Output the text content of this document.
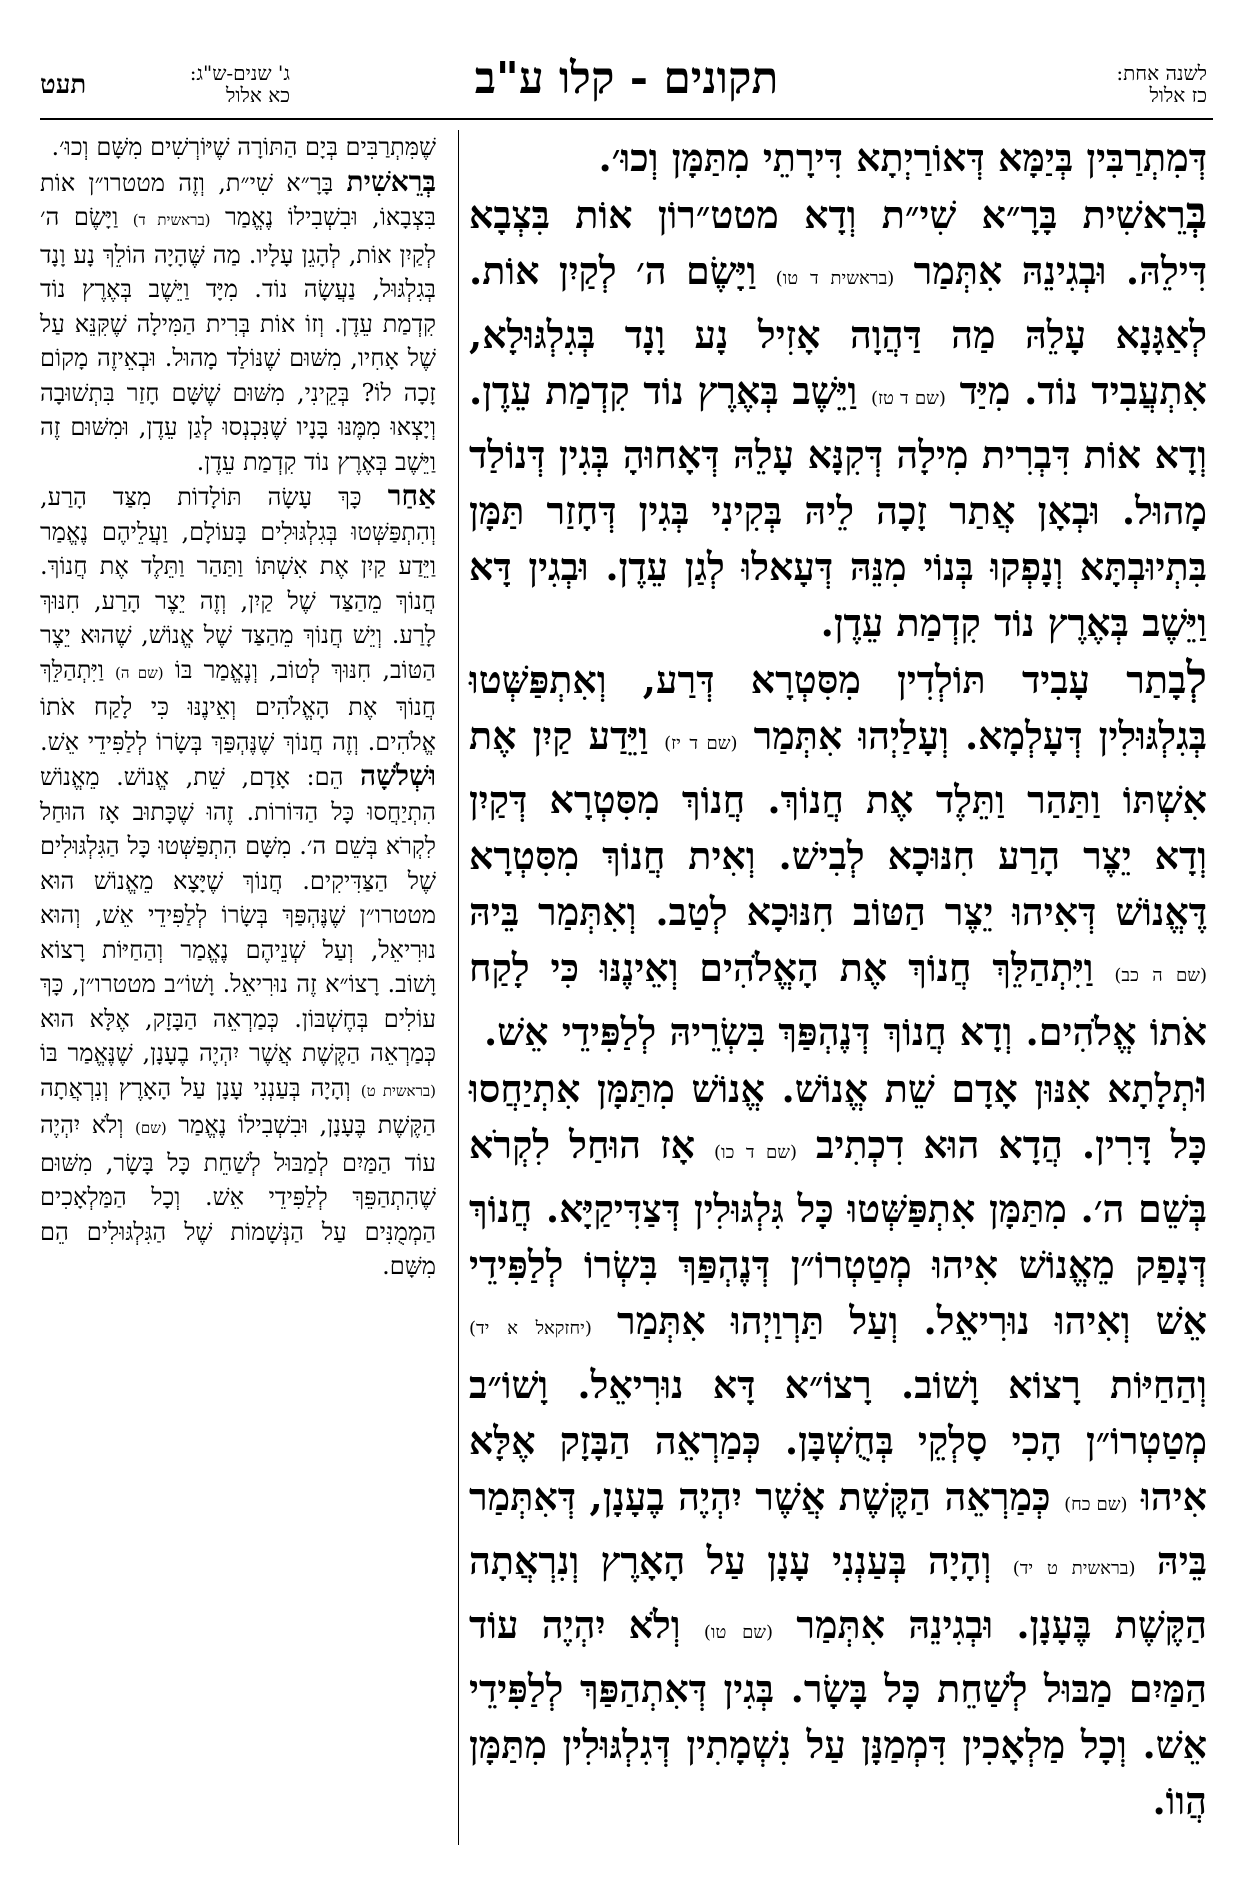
לשנה אחת:
כז אלול
תקונים - קלו ע"ב
תעט	ג' שנים-ש"ג:
כא אלול

דְּמִתְרַבִּין בְּיַמָּא דְּאוֹרַיְתָא דִּירָתֵי מִתַּמָּן וְכוּ׳.

בְּרֵאשִׁית בָּרָ״א שִׁי״ת וְדָא מטט״רוֹן אוֹת בִּצְבָא דִּילֵהּ. וּבְגִינֵהּ אִתְּמַר (בראשית ד טו) וַיָּשֶׂם ה׳ לְקַיִן אוֹת. לְאַגָּנָא עָלֵהּ מַה דַּהֲוָה אָזִיל נָע וָנָד בְּגִלְגּוּלָא, אִתְעֲבִיד נוֹד. מִיַּד (שם ד טז) וַיֵּשֶׁב בְּאֶרֶץ נוֹד קִדְמַת עֵדֶן. וְדָא אוֹת דִּבְרִית מִילָה דְּקִנָּא עָלֵהּ דְּאָחוּהָ בְּגִין דְּנוֹלַד מָהוּל. וּבְאָן אֲתַר זָכָה לֵיהּ בְּקִינִי בְּגִין דְּחָזַר תַּמָּן בִּתְיוּבְתָּא וְנָפְקוּ בְּנוֹי מִנֵּהּ דְּעָאלוּ לְגַן עֵדֶן. וּבְגִין דָּא וַיֵּשֶׁב בְּאֶרֶץ נוֹד קִדְמַת עֵדֶן.

לְבָתַר עָבִיד תּוֹלְדִין מִסִּטְרָא דְּרַע, וְאִתְפַּשְּׁטוּ בְּגִלְגּוּלִין דְּעָלְמָא. וְעָלַיְהוּ אִתְּמַר (שם ד יז) וַיֵּדַע קַיִן אֶת אִשְׁתּוֹ וַתַּהַר וַתֵּלֶד אֶת חֲנוֹךְ. חֲנוֹךְ מִסִּטְרָא דְּקַיִן וְדָא יֵצֶר הָרַע חִנּוּכָא לְבִישׁ. וְאִית חֲנוֹךְ מִסִּטְרָא דֶּאֱנוֹשׁ דְּאִיהוּ יֵצֶר הַטּוֹב חִנּוּכָא לְטַב. וְאִתְּמַר בֵּיהּ (שם ה כב) וַיִּתְהַלֵּךְ חֲנוֹךְ אֶת הָאֱלֹהִים וְאֵינֶנּוּ כִּי לָקַח אֹתוֹ אֱלֹהִים. וְדָא חֲנוֹךְ דְּנֶהְפַּךְ בִּשְׂרֵיהּ לְלַפִּידֵי אֵשׁ.

וּתְלָתָא אִנּוּן אָדָם שֵׁת אֱנוֹשׁ. אֱנוֹשׁ מִתַּמָּן אִתְיַחֲסוּ כָּל דָּרִין. הֲדָא הוּא דִכְתִיב (שם ד כו) אָז הוּחַל לִקְרֹא בְּשֵׁם ה׳. מִתַּמָּן אִתְפַּשְּׁטוּ כָּל גִּלְגּוּלִין דְּצַדִּיקַיָּא. חֲנוֹךְ דְּנָפַק מֵאֱנוֹשׁ אִיהוּ מְטַטְרוֹ״ן דְּנֶהְפַּךְ בִּשְׂרוֹ לְלַפִּידֵי אֵשׁ וְאִיהוּ נוּרִיאֵל. וְעַל תַּרְוַיְהוּ אִתְּמַר (יחזקאל א יד) וְהַחַיּוֹת רָצוֹא וָשׁוֹב. רָצוֹ״א דָּא נוּרִיאֵל. וָשׁוֹ״ב מְטַטְרוֹ״ן הָכִי סָלְקֵי בְּחֻשְׁבָּן. כְּמַרְאֵה הַבָּזָק אֶלָּא אִיהוּ (שם כח) כְּמַרְאֵה הַקֶּשֶׁת אֲשֶׁר יִהְיֶה בֶעָנָן, דְּאִתְּמַר בֵּיהּ (בראשית ט יד) וְהָיָה בְּעַנְנִי עָנָן עַל הָאָרֶץ וְנִרְאֲתָה הַקֶּשֶׁת בֶּעָנָן. וּבְגִינֵהּ אִתְּמַר (שם טו) וְלֹא יִהְיֶה עוֹד הַמַּיִם מַבּוּל לְשַׁחֵת כָּל בָּשָׂר. בְּגִין דְּאִתְהַפַּךְ לְלַפִּידֵי אֵשׁ. וְכָל מַלְאָכִין דִּמְמַנָּן עַל נִשְׁמָתִין דְּגִלְגּוּלִין מִתַּמָּן הֲווֹ.

שֶׁמִּתְרַבִּים בְּיָם הַתּוֹרָה שֶׁיּוֹרְשִׁים מִשָּׁם וְכוּ׳.

בְּרֵאשִׁית בָּרָ״א שִׁי״ת, וְזֶה מטטרו״ן אוֹת בִּצְבָאוֹ, וּבִשְׁבִילוֹ נֶאֱמַר (בראשית ד) וַיָּשֶׂם ה׳ לְקַיִן אוֹת, לְהָגֵן עָלָיו. מַה שֶּׁהָיָה הוֹלֵךְ נָע וָנָד בְּגִלְגּוּל, נַעֲשָׂה נוֹד. מִיָּד וַיֵּשֶׁב בְּאֶרֶץ נוֹד קִדְמַת עֵדֶן. וְזוֹ אוֹת בְּרִית הַמִּילָה שֶׁקִּנֵּא עַל שֶׁל אָחִיו, מִשּׁוּם שֶׁנּוֹלַד מָהוּל. וּבְאֵיזֶה מָקוֹם זָכָה לוֹ? בְּקֵינִי, מִשּׁוּם שֶׁשָּׁם חָזַר בִּתְשׁוּבָה וְיָצְאוּ מִמֶּנּוּ בָּנָיו שֶׁנִּכְנְסוּ לְגַן עֵדֶן, וּמִשּׁוּם זֶה וַיֵּשֶׁב בְּאֶרֶץ נוֹד קִדְמַת עֵדֶן.

אַחַר כָּךְ עָשָׂה תּוֹלָדוֹת מִצַּד הָרַע, וְהִתְפַּשְּׁטוּ בְּגִלְגּוּלִים בָּעוֹלָם, וַעֲלֵיהֶם נֶאֱמַר וַיֵּדַע קַיִן אֶת אִשְׁתּוֹ וַתַּהַר וַתֵּלֶד אֶת חֲנוֹךְ. חֲנוֹךְ מֵהַצַּד שֶׁל קַיִן, וְזֶה יֵצֶר הָרַע, חִנּוּךְ לָרַע. וְיֵשׁ חֲנוֹךְ מֵהַצַּד שֶׁל אֱנוֹשׁ, שֶׁהוּא יֵצֶר הַטּוֹב, חִנּוּךְ לְטוֹב, וְנֶאֱמַר בּוֹ (שם ה) וַיִּתְהַלֵּךְ חֲנוֹךְ אֶת הָאֱלֹהִים וְאֵינֶנּוּ כִּי לָקַח אֹתוֹ אֱלֹהִים. וְזֶה חֲנוֹךְ שֶׁנֶּהְפַּךְ בְּשָׂרוֹ לְלַפִּידֵי אֵשׁ. וּשְׁלֹשָׁה הֵם: אָדָם, שֵׁת, אֱנוֹשׁ. מֵאֱנוֹשׁ הִתְיַחֲסוּ כָּל הַדּוֹרוֹת. זֶהוּ שֶׁכָּתוּב אָז הוּחַל לִקְרֹא בְּשֵׁם ה׳. מִשָּׁם הִתְפַּשְּׁטוּ כָּל הַגִּלְגּוּלִים שֶׁל הַצַּדִּיקִים. חֲנוֹךְ שֶׁיָּצָא מֵאֱנוֹשׁ הוּא מטטרו״ן שֶׁנֶּהְפַּךְ בְּשָׂרוֹ לְלַפִּידֵי אֵשׁ, וְהוּא נוּרִיאֵל, וְעַל שְׁנֵיהֶם נֶאֱמַר וְהַחַיּוֹת רָצוֹא וָשׁוֹב. רָצוֹ״א זֶה נוּרִיאֵל. וָשׁוֹ״ב מטטרו״ן, כָּךְ עוֹלִים בְּחֶשְׁבּוֹן. כְּמַרְאֵה הַבָּזָק, אֶלָּא הוּא כְּמַרְאֵה הַקֶּשֶׁת אֲשֶׁר יִהְיֶה בֶעָנָן, שֶׁנֶּאֱמַר בּוֹ (בראשית ט) וְהָיָה בְּעַנְנִי עָנָן עַל הָאָרֶץ וְנִרְאֲתָה הַקֶּשֶׁת בֶּעָנָן, וּבִשְׁבִילוֹ נֶאֱמַר (שם) וְלֹא יִהְיֶה עוֹד הַמַּיִם לְמַבּוּל לְשַׁחֵת כָּל בָּשָׂר, מִשּׁוּם שֶׁהִתְהַפֵּךְ לְלַפִּידֵי אֵשׁ. וְכָל הַמַּלְאָכִים הַמְמֻנִּים עַל הַנְּשָׁמוֹת שֶׁל הַגִּלְגּוּלִים הֵם מִשָּׁם.
